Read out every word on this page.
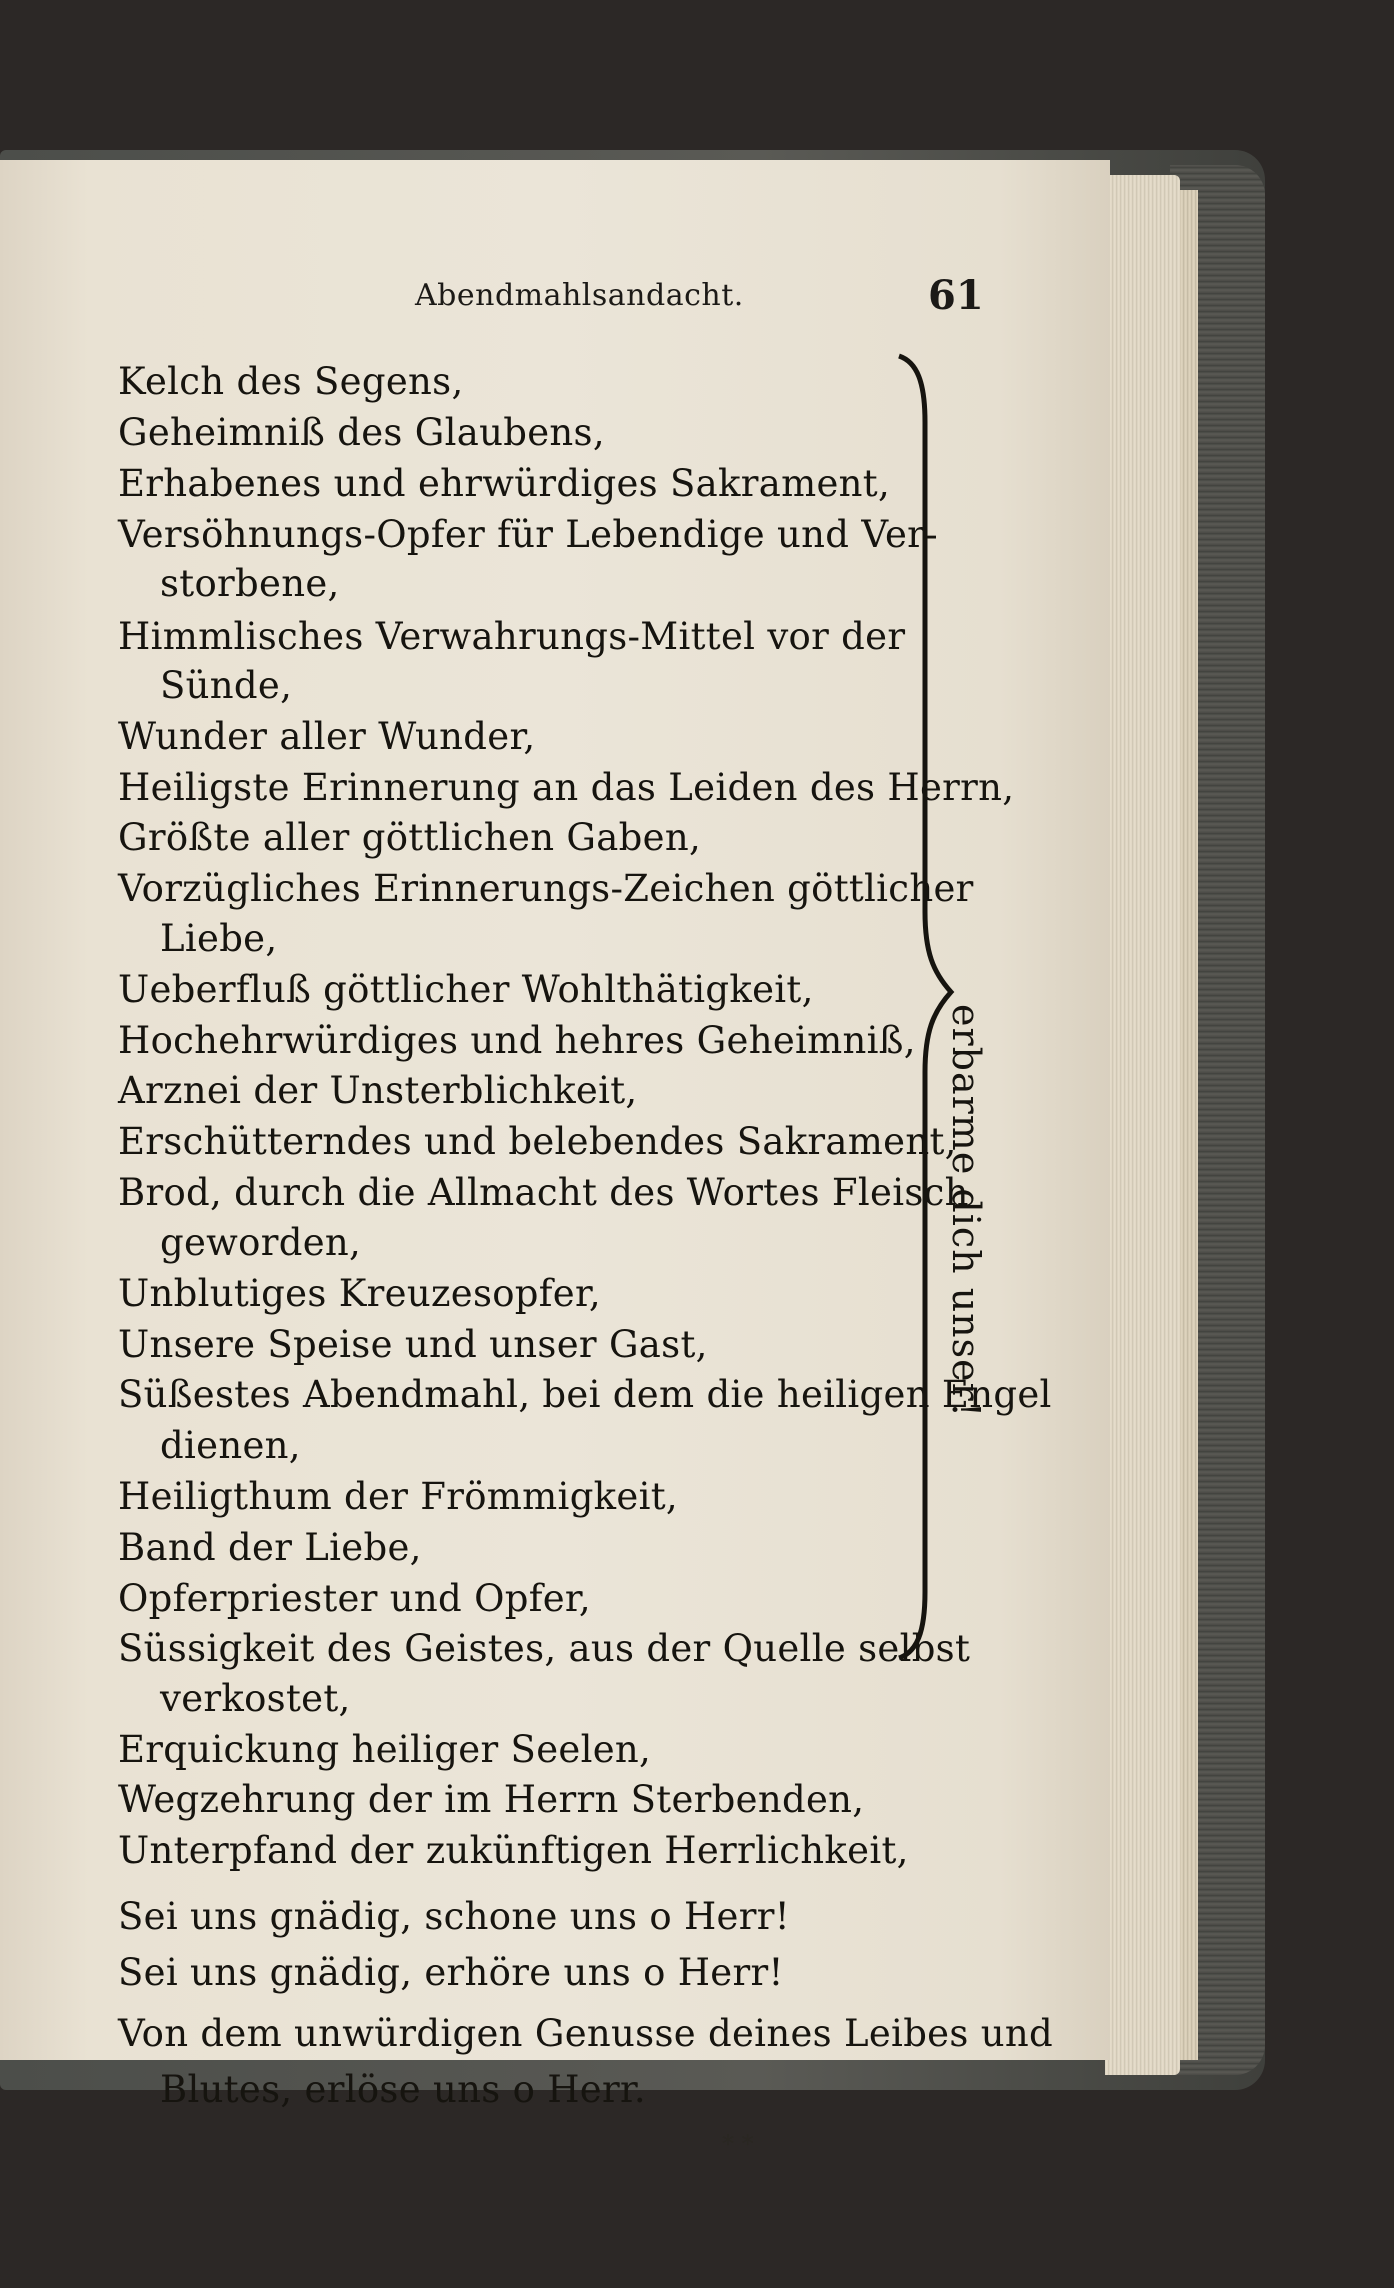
Abendmahlsandacht.	61
Kelch des Segens,
Geheimniß des Glaubens,
Erhabenes und ehrwürdiges Sakrament,
Versöhnungs-Opfer für Lebendige und Ver-
storbene,
Himmlisches Verwahrungs-Mittel vor der
Sünde,
Wunder aller Wunder,
Heiligste Erinnerung an das Leiden des Herrn,
Größte aller göttlichen Gaben,
Vorzügliches Erinnerungs-Zeichen göttlicher
Liebe,
Ueberfluß göttlicher Wohlthätigkeit,
Hochehrwürdiges und hehres Geheimniß,
Arznei der Unsterblichkeit,
Erschütterndes und belebendes Sakrament,
Brod, durch die Allmacht des Wortes Fleisch
geworden,
Unblutiges Kreuzesopfer,
Unsere Speise und unser Gast,
Süßestes Abendmahl, bei dem die heiligen Engel
dienen,
Heiligthum der Frömmigkeit,
Band der Liebe,
Opferpriester und Opfer,
Süssigkeit des Geistes, aus der Quelle selbst
verkostet,
Erquickung heiliger Seelen,
Wegzehrung der im Herrn Sterbenden,
Unterpfand der zukünftigen Herrlichkeit,
erbarme dich unser!
Sei uns gnädig, schone uns o Herr!
Sei uns gnädig, erhöre uns o Herr!
Von dem unwürdigen Genusse deines Leibes und
Blutes, erlöse uns o Herr.
* *
